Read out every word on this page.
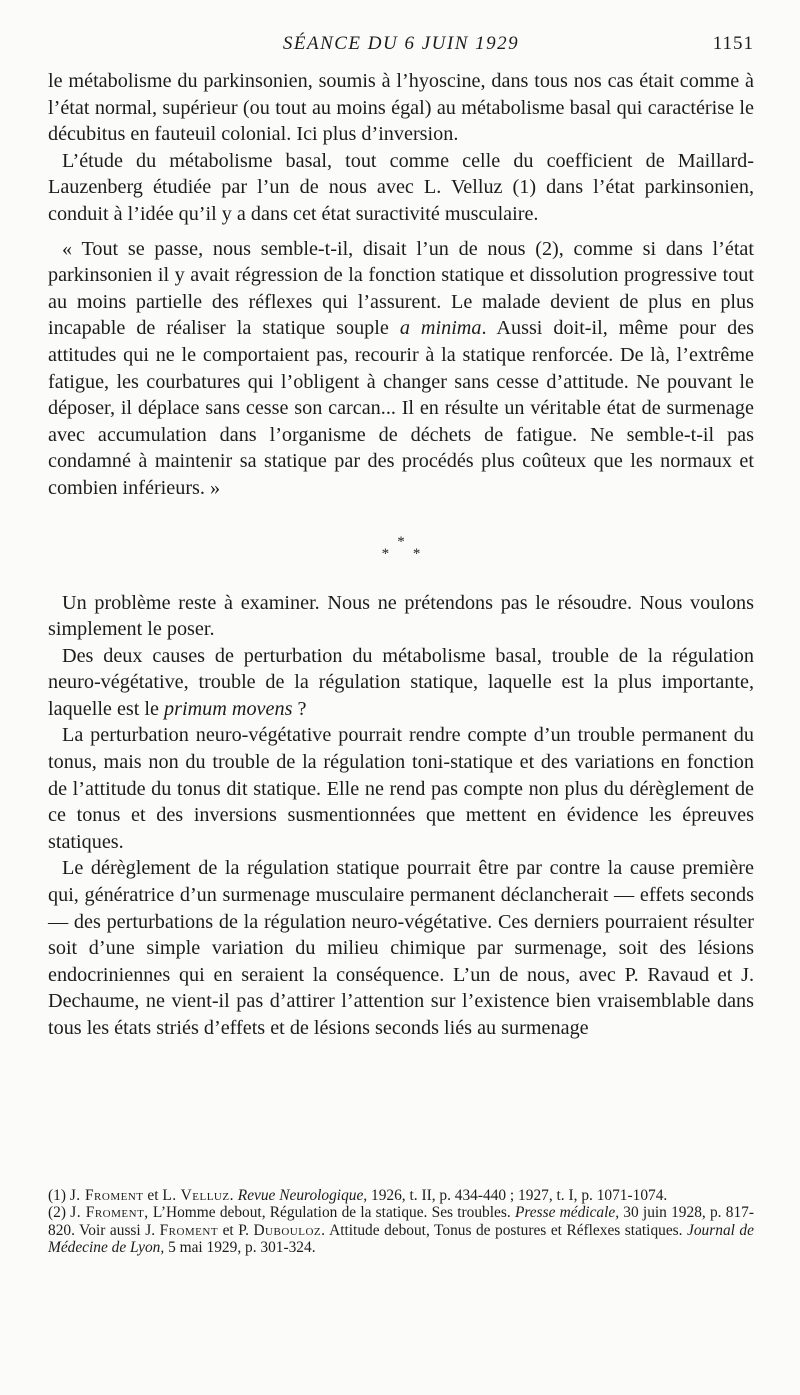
SÉANCE DU 6 JUIN 1929	1151

le métabolisme du parkinsonien, soumis à l’hyoscine, dans tous nos cas était comme à l’état normal, supérieur (ou tout au moins égal) au métabolisme basal qui caractérise le décubitus en fauteuil colonial. Ici plus d’inversion.

L’étude du métabolisme basal, tout comme celle du coefficient de Maillard-Lauzenberg étudiée par l’un de nous avec L. Velluz (1) dans l’état parkinsonien, conduit à l’idée qu’il y a dans cet état suractivité musculaire.

« Tout se passe, nous semble-t-il, disait l’un de nous (2), comme si dans l’état parkinsonien il y avait régression de la fonction statique et dissolution progressive tout au moins partielle des réflexes qui l’assurent. Le malade devient de plus en plus incapable de réaliser la statique souple a minima. Aussi doit-il, même pour des attitudes qui ne le comportaient pas, recourir à la statique renforcée. De là, l’extrême fatigue, les courbatures qui l’obligent à changer sans cesse d’attitude. Ne pouvant le déposer, il déplace sans cesse son carcan... Il en résulte un véritable état de surmenage avec accumulation dans l’organisme de déchets de fatigue. Ne semble-t-il pas condamné à maintenir sa statique par des procédés plus coûteux que les normaux et combien inférieurs. »

*
* *

Un problème reste à examiner. Nous ne prétendons pas le résoudre. Nous voulons simplement le poser.

Des deux causes de perturbation du métabolisme basal, trouble de la régulation neuro-végétative, trouble de la régulation statique, laquelle est la plus importante, laquelle est le primum movens ?

La perturbation neuro-végétative pourrait rendre compte d’un trouble permanent du tonus, mais non du trouble de la régulation toni-statique et des variations en fonction de l’attitude du tonus dit statique. Elle ne rend pas compte non plus du dérèglement de ce tonus et des inversions susmentionnées que mettent en évidence les épreuves statiques.

Le dérèglement de la régulation statique pourrait être par contre la cause première qui, génératrice d’un surmenage musculaire permanent déclancherait — effets seconds — des perturbations de la régulation neuro-végétative. Ces derniers pourraient résulter soit d’une simple variation du milieu chimique par surmenage, soit des lésions endocriniennes qui en seraient la conséquence. L’un de nous, avec P. Ravaud et J. Dechaume, ne vient-il pas d’attirer l’attention sur l’existence bien vraisemblable dans tous les états striés d’effets et de lésions seconds liés au surmenage

(1) J. Froment et L. Velluz. Revue Neurologique, 1926, t. II, p. 434-440 ; 1927, t. I, p. 1071-1074.

(2) J. Froment, L’Homme debout, Régulation de la statique. Ses troubles. Presse médicale, 30 juin 1928, p. 817-820. Voir aussi J. Froment et P. Dubouloz. Attitude debout, Tonus de postures et Réflexes statiques. Journal de Médecine de Lyon, 5 mai 1929, p. 301-324.
